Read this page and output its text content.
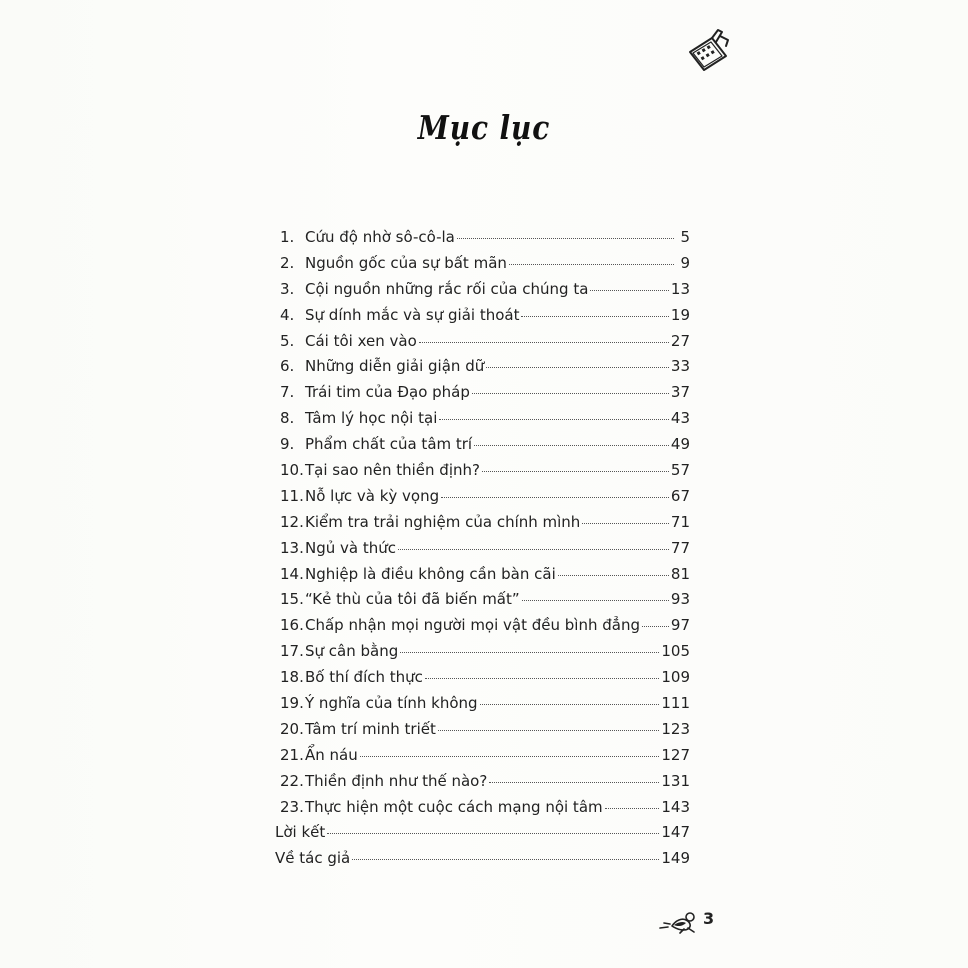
Mục lục
1. Cứu độ nhờ sô-cô-la	5
2. Nguồn gốc của sự bất mãn	9
3. Cội nguồn những rắc rối của chúng ta	13
4. Sự dính mắc và sự giải thoát	19
5. Cái tôi xen vào	27
6. Những diễn giải giận dữ	33
7. Trái tim của Đạo pháp	37
8. Tâm lý học nội tại	43
9. Phẩm chất của tâm trí	49
10. Tại sao nên thiền định?	57
11. Nỗ lực và kỳ vọng	67
12. Kiểm tra trải nghiệm của chính mình	71
13. Ngủ và thức	77
14. Nghiệp là điều không cần bàn cãi	81
15. “Kẻ thù của tôi đã biến mất”	93
16. Chấp nhận mọi người mọi vật đều bình đẳng 97
17. Sự cân bằng	105
18. Bố thí đích thực	109
19. Ý nghĩa của tính không	111
20. Tâm trí minh triết	123
21. Ẩn náu	127
22. Thiền định như thế nào?	131
23. Thực hiện một cuộc cách mạng nội tâm	143
Lời kết	147
Về tác giả	149
3
